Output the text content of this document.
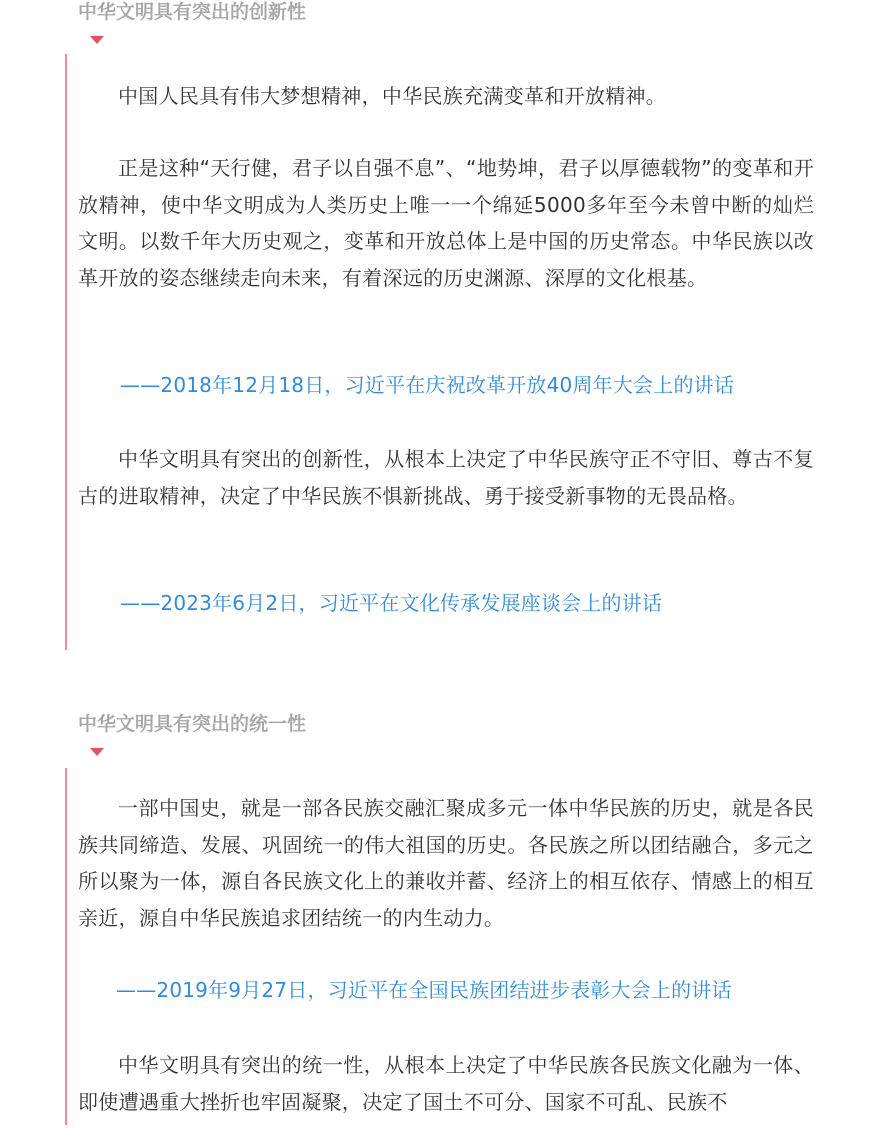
中华文明具有突出的创新性

中国人民具有伟大梦想精神，中华民族充满变革和开放精神。

正是这种“天行健，君子以自强不息”、“地势坤，君子以厚德载物”的变革和开放精神，使中华文明成为人类历史上唯一一个绵延5000多年至今未曾中断的灿烂文明。以数千年大历史观之，变革和开放总体上是中国的历史常态。中华民族以改革开放的姿态继续走向未来，有着深远的历史渊源、深厚的文化根基。

——2018年12月18日，习近平在庆祝改革开放40周年大会上的讲话

中华文明具有突出的创新性，从根本上决定了中华民族守正不守旧、尊古不复古的进取精神，决定了中华民族不惧新挑战、勇于接受新事物的无畏品格。

——2023年6月2日，习近平在文化传承发展座谈会上的讲话

中华文明具有突出的统一性

一部中国史，就是一部各民族交融汇聚成多元一体中华民族的历史，就是各民族共同缔造、发展、巩固统一的伟大祖国的历史。各民族之所以团结融合，多元之所以聚为一体，源自各民族文化上的兼收并蓄、经济上的相互依存、情感上的相互亲近，源自中华民族追求团结统一的内生动力。

——2019年9月27日，习近平在全国民族团结进步表彰大会上的讲话

中华文明具有突出的统一性，从根本上决定了中华民族各民族文化融为一体、即使遭遇重大挫折也牢固凝聚，决定了国土不可分、国家不可乱、民族不
